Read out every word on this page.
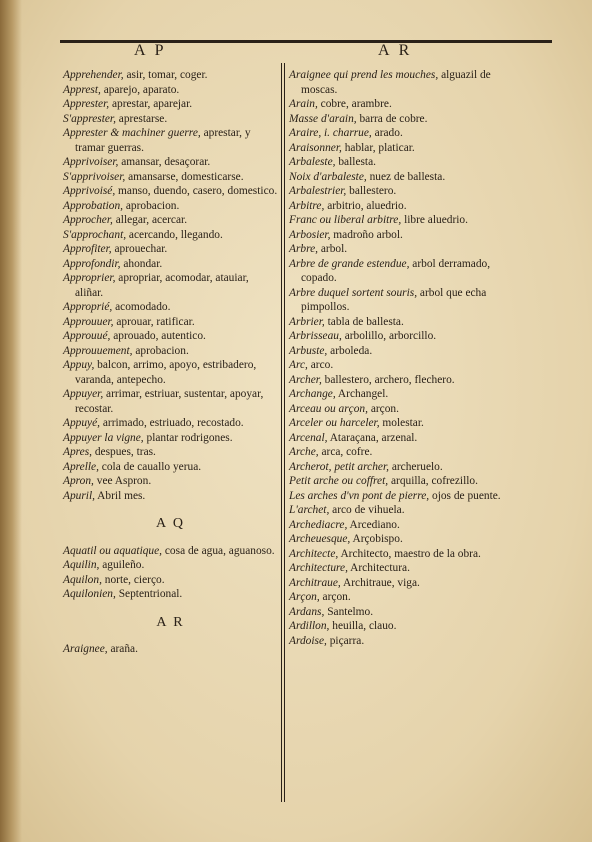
A P	A R

Apprehender, asir, tomar, coger.

Apprest, aparejo, aparato.

Apprester, aprestar, aparejar.

S'apprester, aprestarse.

Apprester & machiner guerre, aprestar, y tramar guerras.

Apprivoiser, amansar, desaçorar.

S'apprivoiser, amansarse, domesticarse.

Apprivoisé, manso, duendo, casero, domestico.

Approbation, aprobacion.

Approcher, allegar, acercar.

S'approchant, acercando, llegando.

Approfiter, aprouechar.

Approfondir, ahondar.

Approprier, apropriar, acomodar, atauiar, aliñar.

Approprié, acomodado.

Approuuer, aprouar, ratificar.

Approuué, aprouado, autentico.

Approuuement, aprobacion.

Appuy, balcon, arrimo, apoyo, estribadero, varanda, antepecho.

Appuyer, arrimar, estriuar, sustentar, apoyar, recostar.

Appuyé, arrimado, estriuado, recostado.

Appuyer la vigne, plantar rodrigones.

Apres, despues, tras.

Aprelle, cola de cauallo yerua.

Apron, vee Aspron.

Apuril, Abril mes.

A Q

Aquatil ou aquatique, cosa de agua, aguanoso.

Aquilin, aguileño.

Aquilon, norte, cierço.

Aquilonien, Septentrional.

A R

Araignee, araña.

Araignee qui prend les mouches, alguazil de moscas.

Arain, cobre, arambre.

Masse d'arain, barra de cobre.

Araire, i. charrue, arado.

Araisonner, hablar, platicar.

Arbaleste, ballesta.

Noix d'arbaleste, nuez de ballesta.

Arbalestrier, ballestero.

Arbitre, arbitrio, aluedrio.

Franc ou liberal arbitre, libre aluedrio.

Arbosier, madroño arbol.

Arbre, arbol.

Arbre de grande estendue, arbol derramado, copado.

Arbre duquel sortent souris, arbol que echa pimpollos.

Arbrier, tabla de ballesta.

Arbrisseau, arbolillo, arborcillo.

Arbuste, arboleda.

Arc, arco.

Archer, ballestero, archero, flechero.

Archange, Archangel.

Arceau ou arçon, arçon.

Arceler ou harceler, molestar.

Arcenal, Ataraçana, arzenal.

Arche, arca, cofre.

Archerot, petit archer, archeruelo.

Petit arche ou coffret, arquilla, cofrezillo.

Les arches d'vn pont de pierre, ojos de puente.

L'archet, arco de vihuela.

Archediacre, Arcediano.

Archeuesque, Arçobispo.

Architecte, Architecto, maestro de la obra.

Architecture, Architectura.

Architraue, Architraue, viga.

Arçon, arçon.

Ardans, Santelmo.

Ardillon, heuilla, clauo.

Ardoise, piçarra.
